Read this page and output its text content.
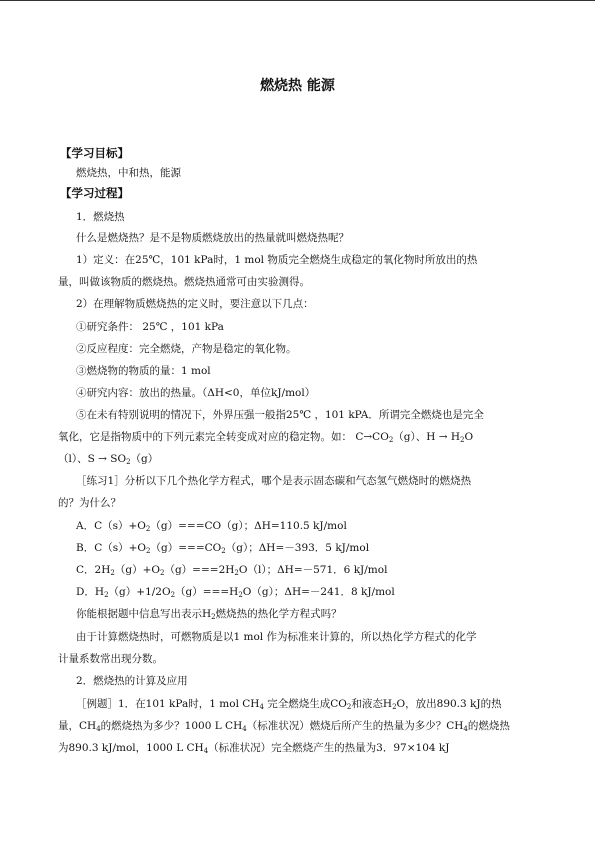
燃烧热 能源
【学习目标】
燃烧热，中和热，能源
【学习过程】
1．燃烧热
什么是燃烧热？是不是物质燃烧放出的热量就叫燃烧热呢？
1）定义：在25℃，101 kPa时，1 mol 物质完全燃烧生成稳定的氧化物时所放出的热
量，叫做该物质的燃烧热。燃烧热通常可由实验测得。
2）在理解物质燃烧热的定义时，要注意以下几点：
①研究条件： 25℃ ，101 kPa
②反应程度：完全燃烧，产物是稳定的氧化物。
③燃烧物的物质的量：1 mol
④研究内容：放出的热量。（ΔH<0，单位kJ/mol）
⑤在未有特别说明的情况下，外界压强一般指25℃ ，101 kPA．所谓完全燃烧也是完全
氧化，它是指物质中的下列元素完全转变成对应的稳定物。如： $C\to CO_2(g)$、$H \to H_2O$
（l）、$S \to SO_2(g)$
［练习1］分析以下几个热化学方程式，哪个是表示固态碳和气态氢气燃烧时的燃烧热
的？为什么？
A．$C(s)+O_2(g)===CO(g)$；ΔH=110.5 kJ/mol
B．$C(s)+O_2(g)===CO_2(g)$；ΔH=－393．5 kJ/mol
C．$2H_2(g)+O_2(g)===2H_2O(l)$；ΔH=－571．6 kJ/mol
D．$H_2(g)+1/2O_2(g)===H_2O(g)$；ΔH=－241．8 kJ/mol
你能根据题中信息写出表示$H_2$燃烧热的热化学方程式吗？
由于计算燃烧热时，可燃物质是以1 mol 作为标准来计算的，所以热化学方程式的化学
计量系数常出现分数。
2．燃烧热的计算及应用
［例题］1．在101 kPa时，1 mol $CH_4$ 完全燃烧生成$CO_2$和液态$H_2O$，放出890.3 kJ的热
量，$CH_4$的燃烧热为多少？1000 L $CH_4$（标准状况）燃烧后所产生的热量为多少？$CH_4$的燃烧热
为890.3 kJ/mol，1000 L $CH_4$（标准状况）完全燃烧产生的热量为3．97×104 kJ
